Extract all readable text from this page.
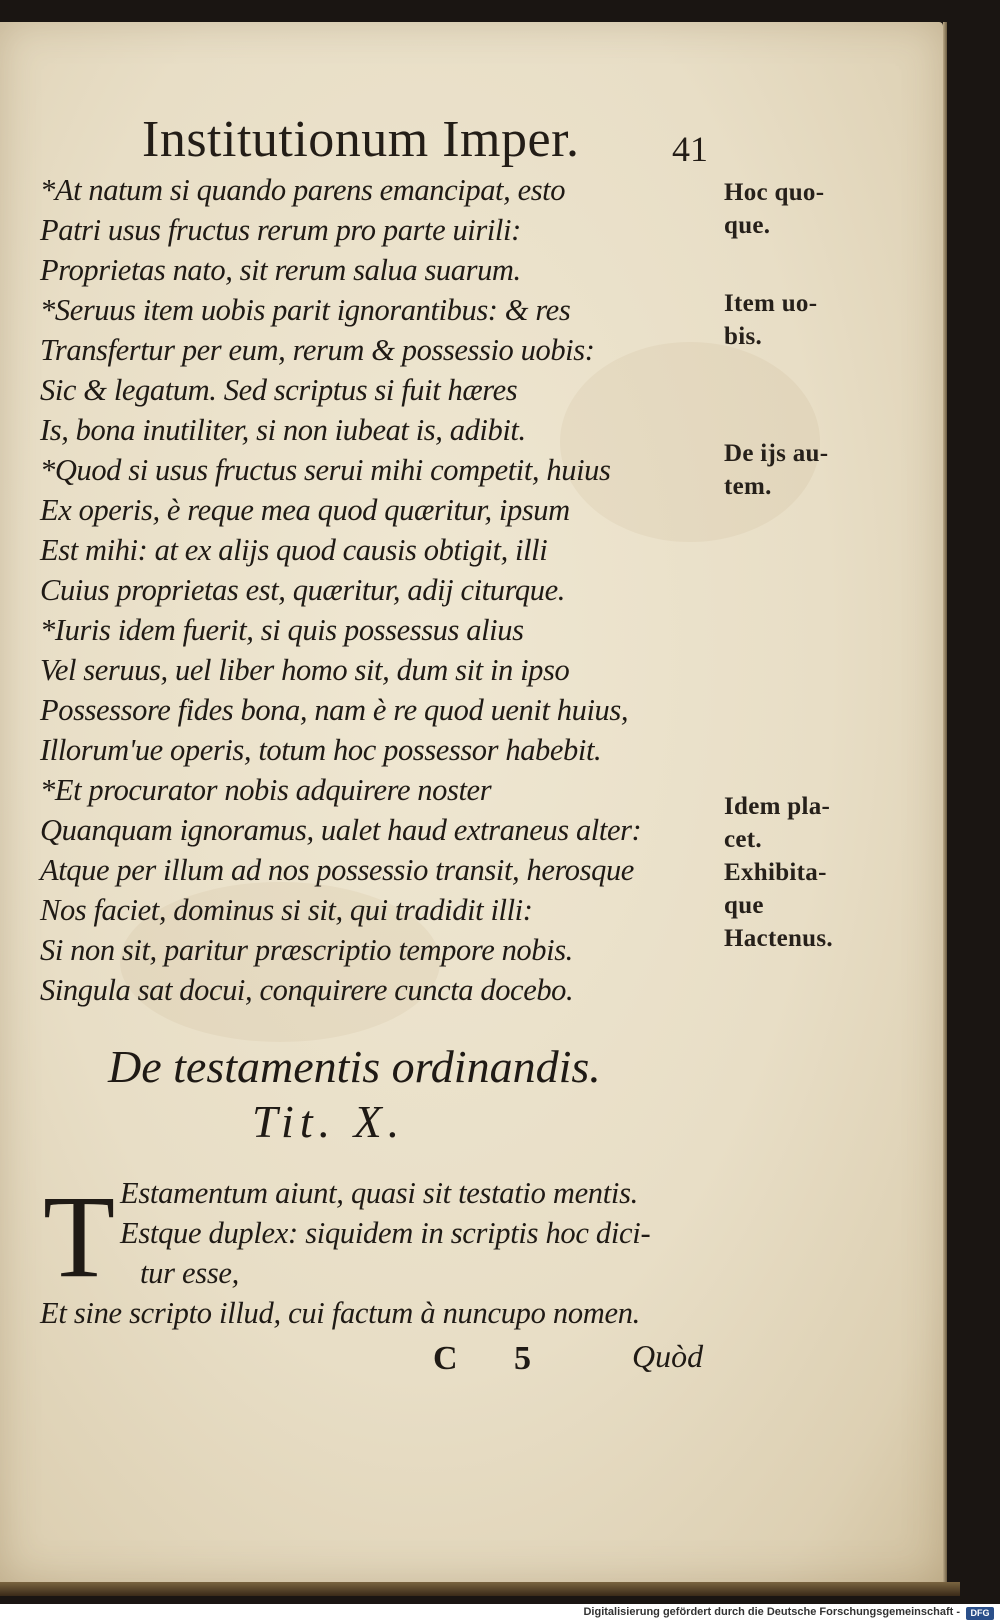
Institutionum Imper.	41
*At natum si quando parens emancipat, esto
Patri usus fructus rerum pro parte uirili:
Proprietas nato, sit rerum salua suarum.
*Seruus item uobis parit ignorantibus: & res
Transfertur per eum, rerum & possessio uobis:
Sic & legatum. Sed scriptus si fuit hæres
Is, bona inutiliter, si non iubeat is, adibit.
*Quod si usus fructus serui mihi competit, huius
Ex operis, è reque mea quod quæritur, ipsum
Est mihi: at ex alijs quod causis obtigit, illi
Cuius proprietas est, quæritur, adij citurque.
*Iuris idem fuerit, si quis possessus alius
Vel seruus, uel liber homo sit, dum sit in ipso
Possessore fides bona, nam è re quod uenit huius,
Illorum'ue operis, totum hoc possessor habebit.
*Et procurator nobis adquirere noster
Quanquam ignoramus, ualet haud extraneus alter:
Atque per illum ad nos possessio transit, herosque
Nos faciet, dominus si sit, qui tradidit illi:
Si non sit, paritur præscriptio tempore nobis.
Singula sat docui, conquirere cuncta docebo.
Hoc quo-
que.
Item uo-
bis.
De ijs au-
tem.
Idem pla-
cet.
Exhibita-
que
Hactenus.
De testamentis ordinandis.
Tit. X.
T Estamentum aiunt, quasi sit testatio mentis.
Estque duplex: siquidem in scriptis hoc dici-
tur esse,
Et sine scripto illud, cui factum à nuncupo nomen.
C 5 Quòd
Digitalisierung gefördert durch die Deutsche Forschungsgemeinschaft -	DFG
